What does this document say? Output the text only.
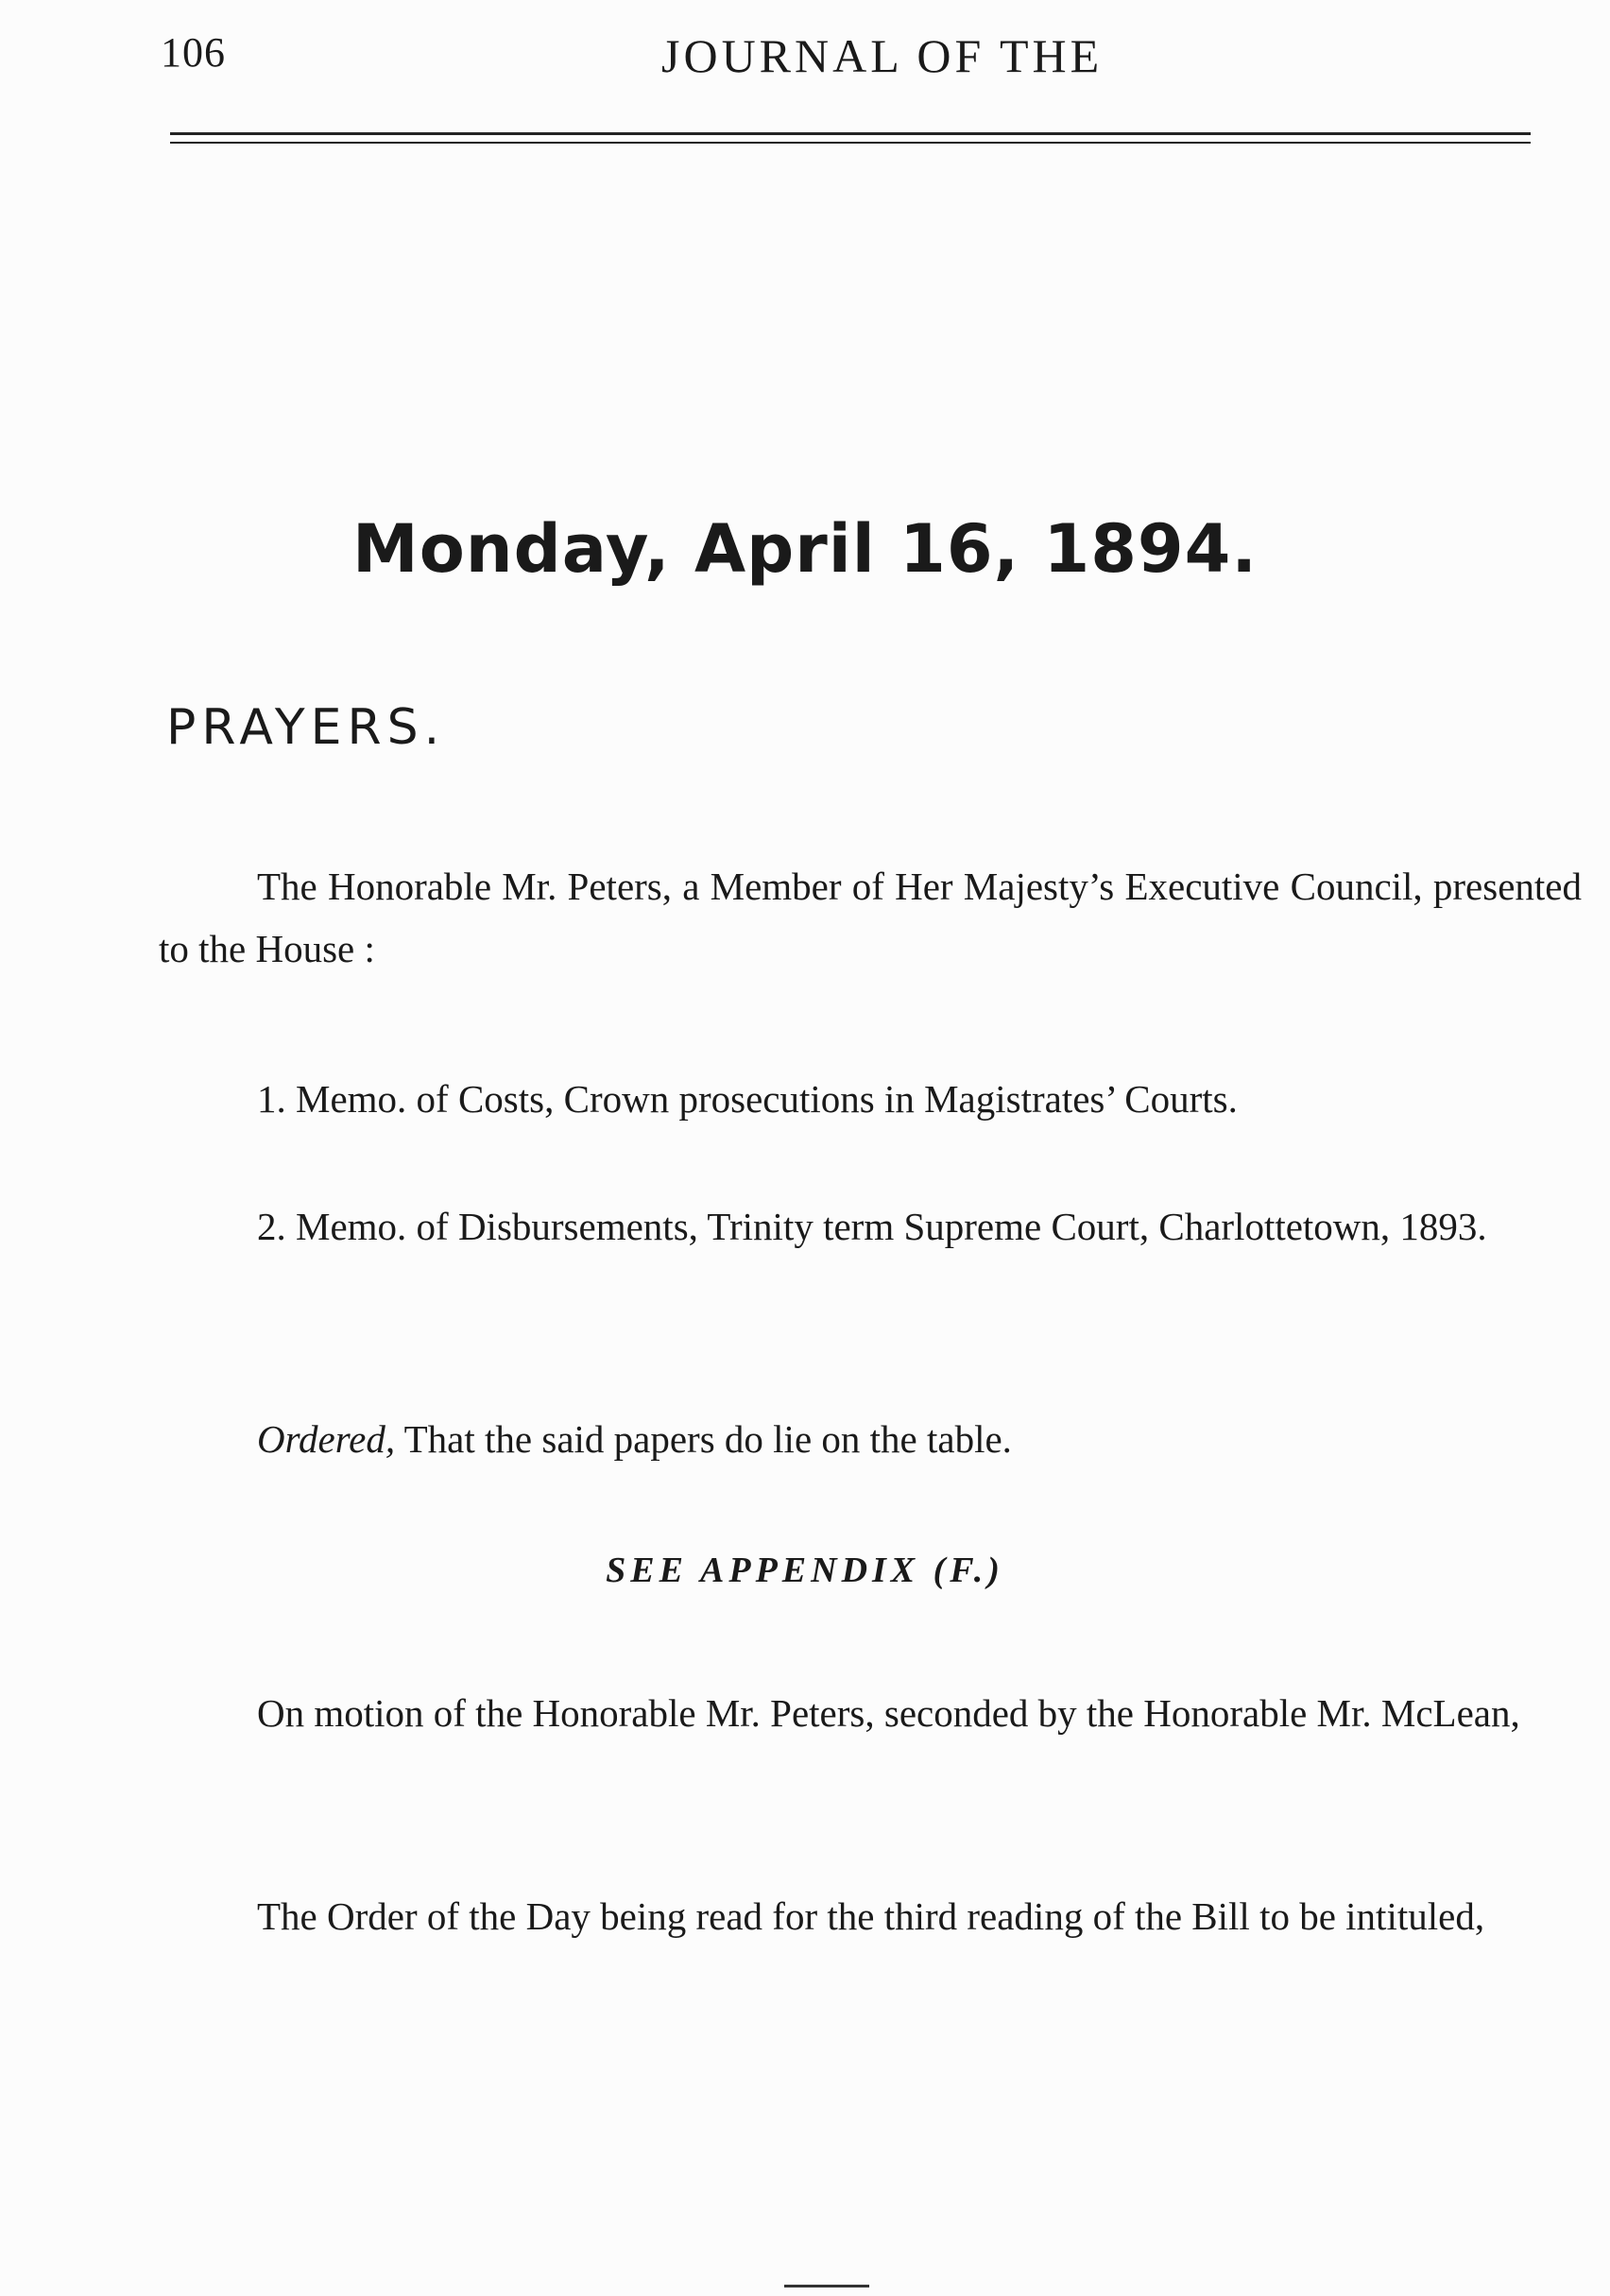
106	JOURNAL OF THE
Monday, April 16, 1894.
PRAYERS.
The Honorable Mr. Peters, a Member of Her Majesty’s Executive Council, presented to the House :
1. Memo. of Costs, Crown prosecutions in Magistrates’ Courts.
2. Memo. of Disbursements, Trinity term Supreme Court, Charlottetown, 1893.
Ordered, That the said papers do lie on the table.
SEE APPENDIX (F.)
On motion of the Honorable Mr. Peters, seconded by the Honorable Mr. McLean,
The Order of the Day being read for the third reading of the Bill to be intituled,
